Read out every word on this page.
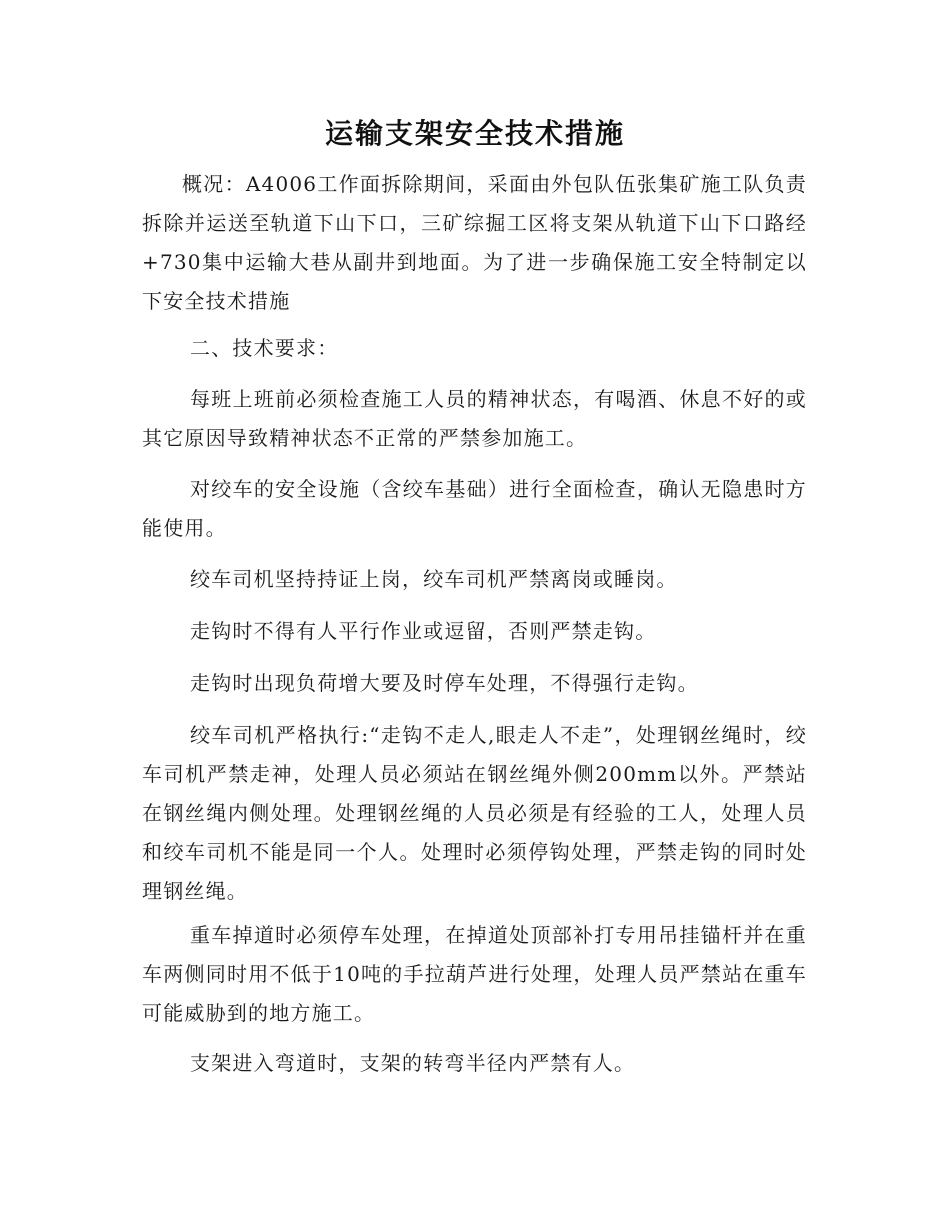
运输支架安全技术措施
概况：A4006工作面拆除期间，采面由外包队伍张集矿施工队负责拆除并运送至轨道下山下口，三矿综掘工区将支架从轨道下山下口路经+730集中运输大巷从副井到地面。为了进一步确保施工安全特制定以下安全技术措施
二、技术要求：
每班上班前必须检查施工人员的精神状态，有喝酒、休息不好的或其它原因导致精神状态不正常的严禁参加施工。
对绞车的安全设施（含绞车基础）进行全面检查，确认无隐患时方能使用。
绞车司机坚持持证上岗，绞车司机严禁离岗或睡岗。
走钩时不得有人平行作业或逗留，否则严禁走钩。
走钩时出现负荷增大要及时停车处理，不得强行走钩。
绞车司机严格执行:“走钩不走人,眼走人不走”，处理钢丝绳时，绞车司机严禁走神，处理人员必须站在钢丝绳外侧200mm以外。严禁站在钢丝绳内侧处理。处理钢丝绳的人员必须是有经验的工人，处理人员和绞车司机不能是同一个人。处理时必须停钩处理，严禁走钩的同时处理钢丝绳。
重车掉道时必须停车处理，在掉道处顶部补打专用吊挂锚杆并在重车两侧同时用不低于10吨的手拉葫芦进行处理，处理人员严禁站在重车可能威胁到的地方施工。
支架进入弯道时，支架的转弯半径内严禁有人。
